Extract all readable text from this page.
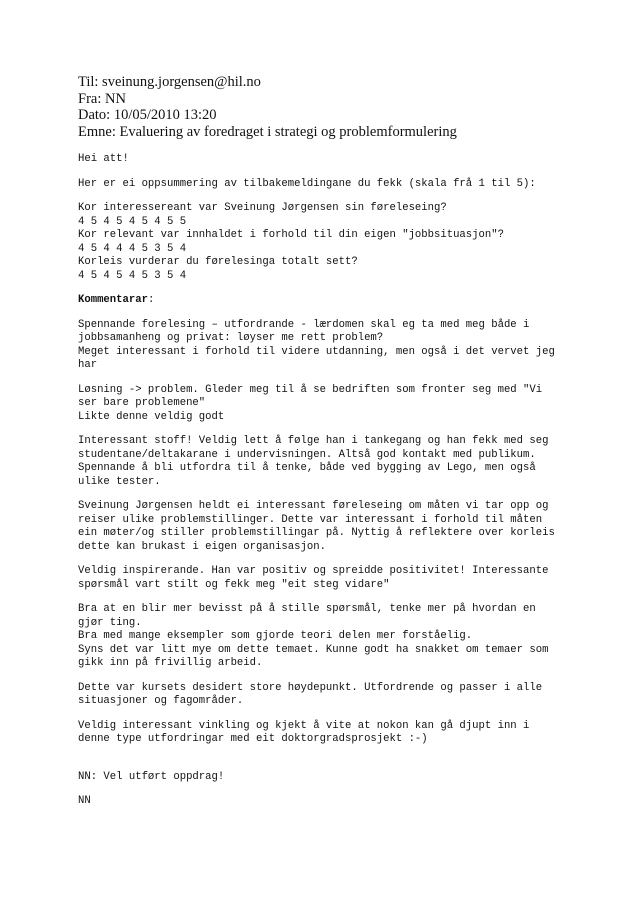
Til: sveinung.jorgensen@hil.no

Fra: NN

Dato: 10/05/2010 13:20

Emne: Evaluering av foredraget i strategi og problemformulering

Hei att!

Her er ei oppsummering av tilbakemeldingane du fekk (skala frå 1 til 5):

Kor interessereant var Sveinung Jørgensen sin føreleseing?

4 5 4 5 4 5 4 5 5

Kor relevant var innhaldet i forhold til din eigen "jobbsituasjon"?

4 5 4 4 4 5 3 5 4

Korleis vurderar du førelesinga totalt sett?

4 5 4 5 4 5 3 5 4

Kommentarar:

Spennande forelesing – utfordrande - lærdomen skal eg ta med meg både i

jobbsamanheng og privat: løyser me rett problem?

Meget interessant i forhold til videre utdanning, men også i det vervet jeg

har

Løsning -> problem. Gleder meg til å se bedriften som fronter seg med "Vi

ser bare problemene"

Likte denne veldig godt

Interessant stoff! Veldig lett å følge han i tankegang og han fekk med seg

studentane/deltakarane i undervisningen. Altså god kontakt med publikum.

Spennande å bli utfordra til å tenke, både ved bygging av Lego, men også

ulike tester.

Sveinung Jørgensen heldt ei interessant føreleseing om måten vi tar opp og

reiser ulike problemstillinger. Dette var interessant i forhold til måten

ein møter/og stiller problemstillingar på. Nyttig å reflektere over korleis

dette kan brukast i eigen organisasjon.

Veldig inspirerande. Han var positiv og spreidde positivitet! Interessante

spørsmål vart stilt og fekk meg "eit steg vidare"

Bra at en blir mer bevisst på å stille spørsmål, tenke mer på hvordan en

gjør ting.

Bra med mange eksempler som gjorde teori delen mer forståelig.

Syns det var litt mye om dette temaet. Kunne godt ha snakket om temaer som

gikk inn på frivillig arbeid.

Dette var kursets desidert store høydepunkt. Utfordrende og passer i alle

situasjoner og fagområder.

Veldig interessant vinkling og kjekt å vite at nokon kan gå djupt inn i

denne type utfordringar med eit doktorgradsprosjekt :-)

NN: Vel utført oppdrag!

NN
